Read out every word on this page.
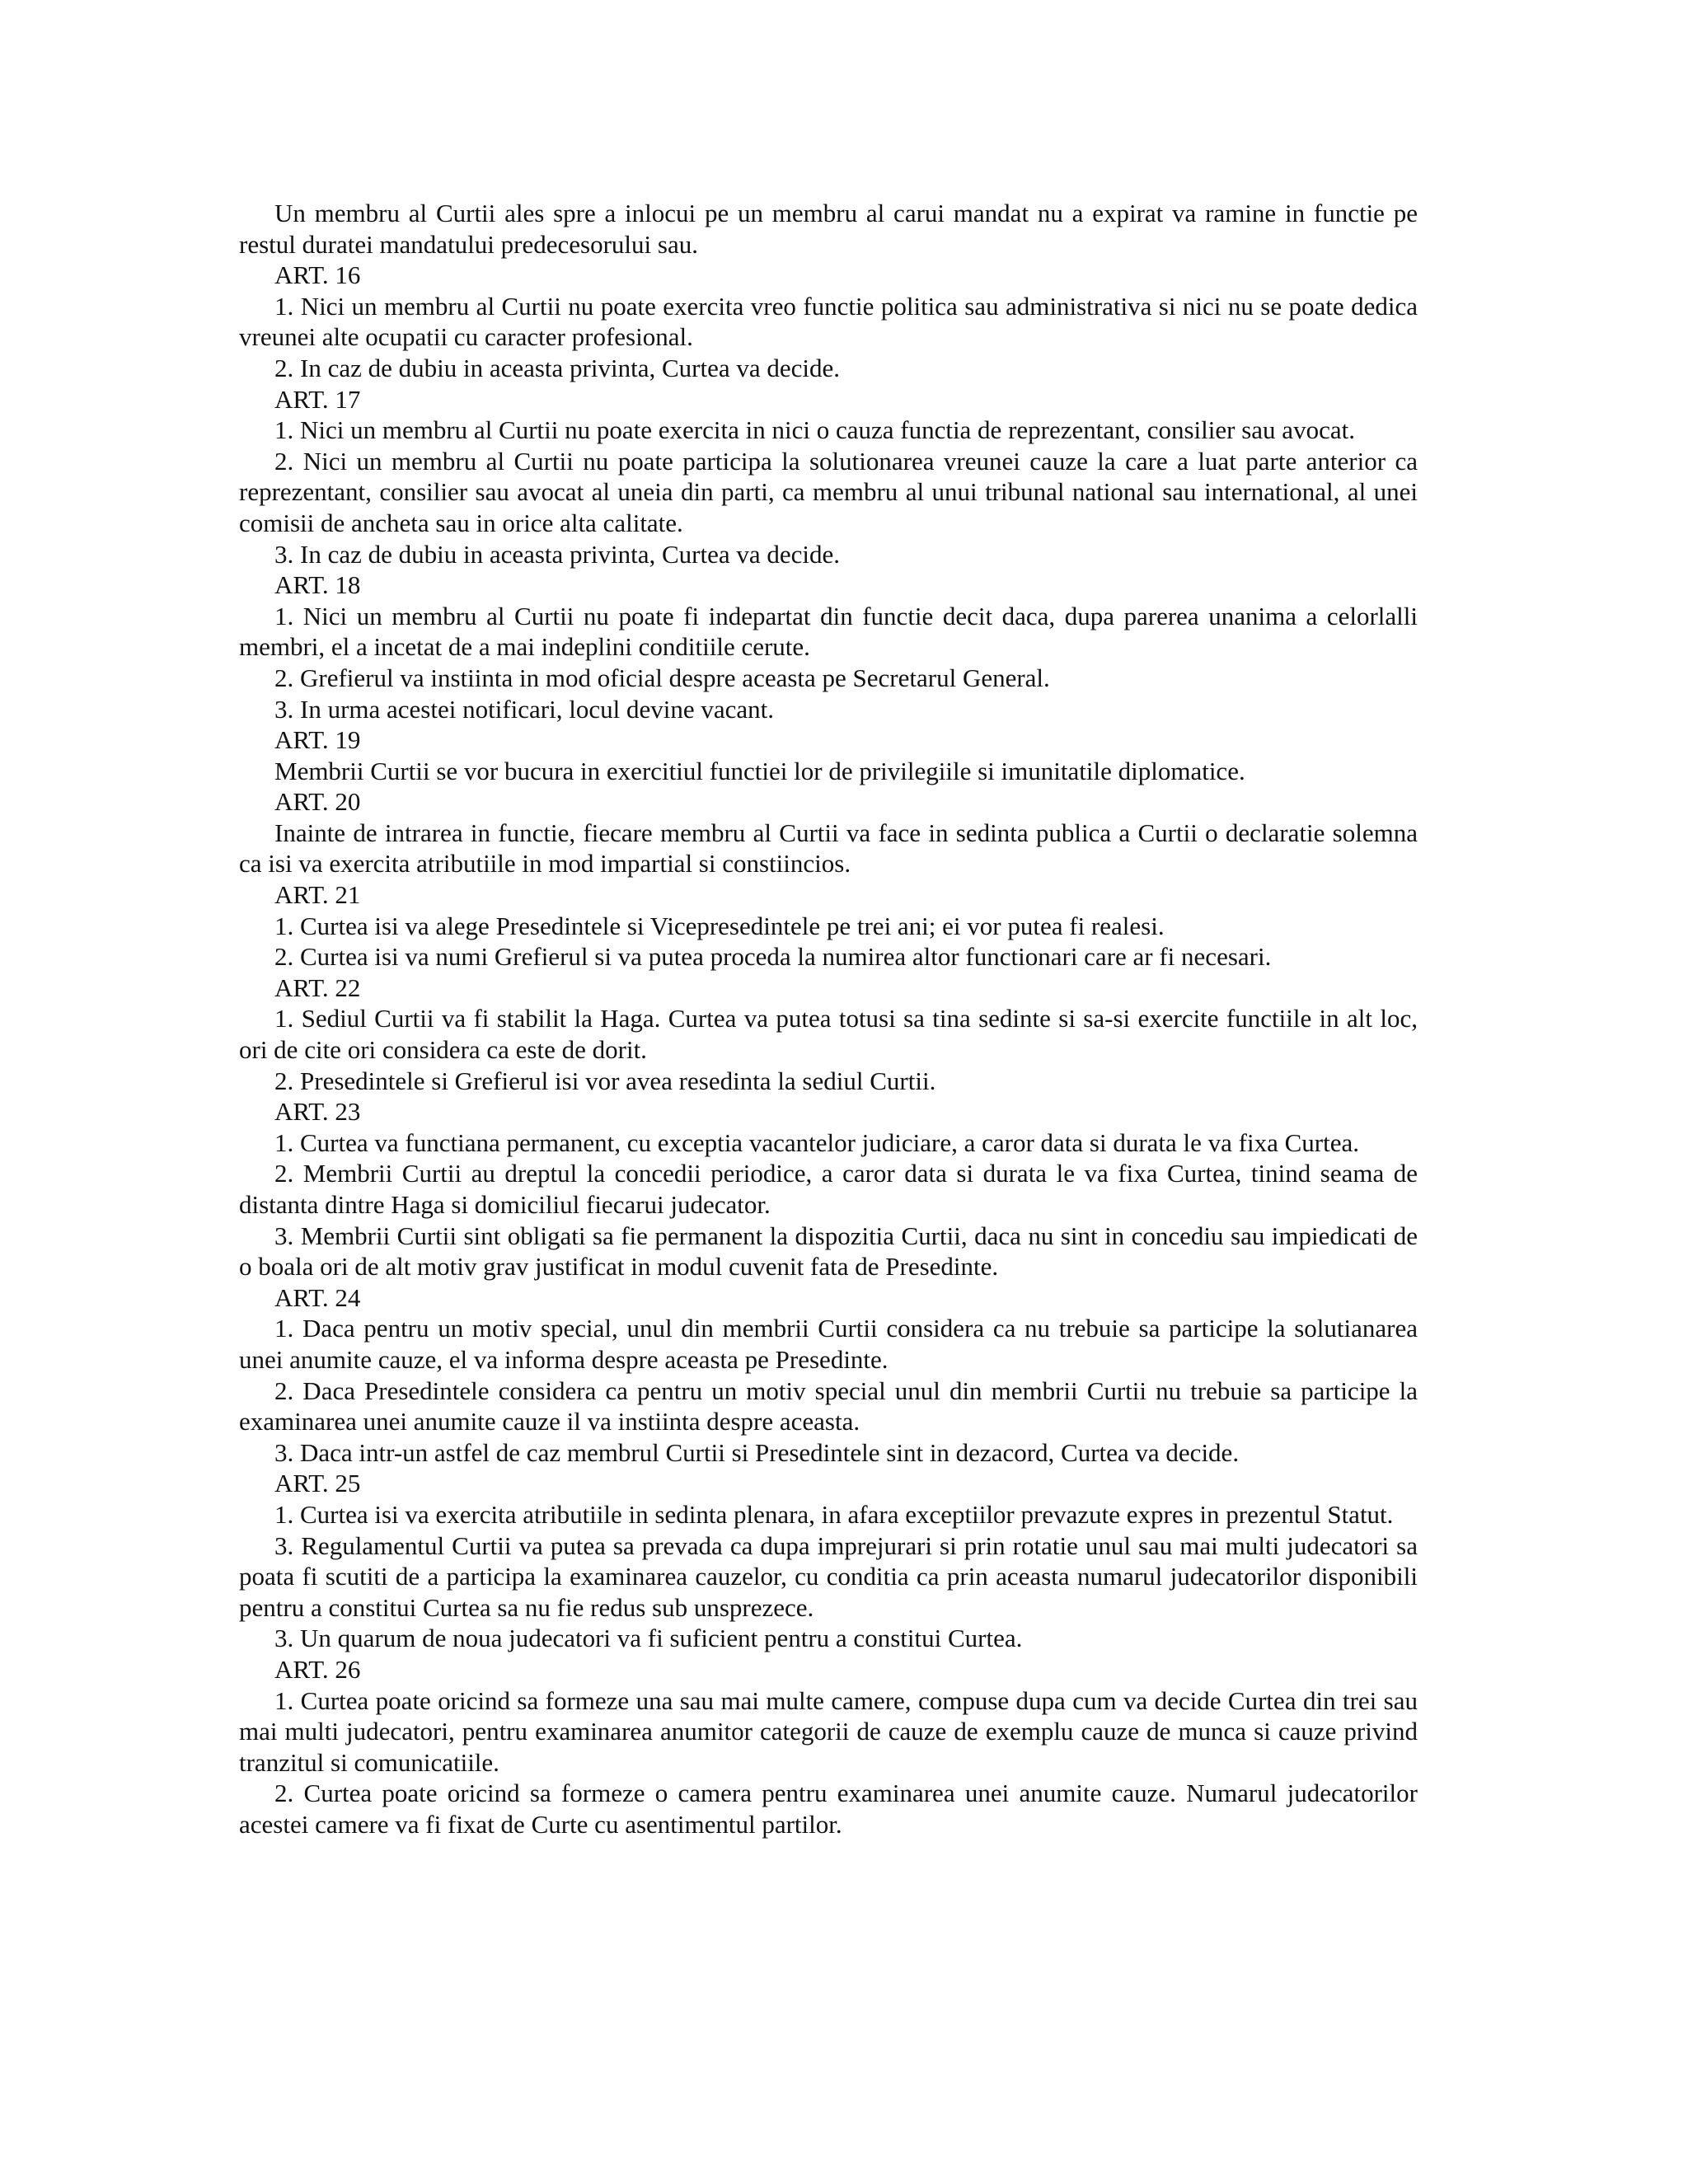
Un membru al Curtii ales spre a inlocui pe un membru al carui mandat nu a expirat va ramine in functie pe restul duratei mandatului predecesorului sau.

ART. 16

1. Nici un membru al Curtii nu poate exercita vreo functie politica sau administrativa si nici nu se poate dedica vreunei alte ocupatii cu caracter profesional.

2. In caz de dubiu in aceasta privinta, Curtea va decide.

ART. 17

1. Nici un membru al Curtii nu poate exercita in nici o cauza functia de reprezentant, consilier sau avocat.

2. Nici un membru al Curtii nu poate participa la solutionarea vreunei cauze la care a luat parte anterior ca reprezentant, consilier sau avocat al uneia din parti, ca membru al unui tribunal national sau international, al unei comisii de ancheta sau in orice alta calitate.

3. In caz de dubiu in aceasta privinta, Curtea va decide.

ART. 18

1. Nici un membru al Curtii nu poate fi indepartat din functie decit daca, dupa parerea unanima a celorlalli membri, el a incetat de a mai indeplini conditiile cerute.

2. Grefierul va instiinta in mod oficial despre aceasta pe Secretarul General.

3. In urma acestei notificari, locul devine vacant.

ART. 19

Membrii Curtii se vor bucura in exercitiul functiei lor de privilegiile si imunitatile diplomatice.

ART. 20

Inainte de intrarea in functie, fiecare membru al Curtii va face in sedinta publica a Curtii o declaratie solemna ca isi va exercita atributiile in mod impartial si constiincios.

ART. 21

1. Curtea isi va alege Presedintele si Vicepresedintele pe trei ani; ei vor putea fi realesi.

2. Curtea isi va numi Grefierul si va putea proceda la numirea altor functionari care ar fi necesari.

ART. 22

1. Sediul Curtii va fi stabilit la Haga. Curtea va putea totusi sa tina sedinte si sa-si exercite functiile in alt loc, ori de cite ori considera ca este de dorit.

2. Presedintele si Grefierul isi vor avea resedinta la sediul Curtii.

ART. 23

1. Curtea va functiana permanent, cu exceptia vacantelor judiciare, a caror data si durata le va fixa Curtea.

2. Membrii Curtii au dreptul la concedii periodice, a caror data si durata le va fixa Curtea, tinind seama de distanta dintre Haga si domiciliul fiecarui judecator.

3. Membrii Curtii sint obligati sa fie permanent la dispozitia Curtii, daca nu sint in concediu sau impiedicati de o boala ori de alt motiv grav justificat in modul cuvenit fata de Presedinte.

ART. 24

1. Daca pentru un motiv special, unul din membrii Curtii considera ca nu trebuie sa participe la solutianarea unei anumite cauze, el va informa despre aceasta pe Presedinte.

2. Daca Presedintele considera ca pentru un motiv special unul din membrii Curtii nu trebuie sa participe la examinarea unei anumite cauze il va instiinta despre aceasta.

3. Daca intr-un astfel de caz membrul Curtii si Presedintele sint in dezacord, Curtea va decide.

ART. 25

1. Curtea isi va exercita atributiile in sedinta plenara, in afara exceptiilor prevazute expres in prezentul Statut.

3. Regulamentul Curtii va putea sa prevada ca dupa imprejurari si prin rotatie unul sau mai multi judecatori sa poata fi scutiti de a participa la examinarea cauzelor, cu conditia ca prin aceasta numarul judecatorilor disponibili pentru a constitui Curtea sa nu fie redus sub unsprezece.

3. Un quarum de noua judecatori va fi suficient pentru a constitui Curtea.

ART. 26

1. Curtea poate oricind sa formeze una sau mai multe camere, compuse dupa cum va decide Curtea din trei sau mai multi judecatori, pentru examinarea anumitor categorii de cauze de exemplu cauze de munca si cauze privind tranzitul si comunicatiile.

2. Curtea poate oricind sa formeze o camera pentru examinarea unei anumite cauze. Numarul judecatorilor acestei camere va fi fixat de Curte cu asentimentul partilor.
